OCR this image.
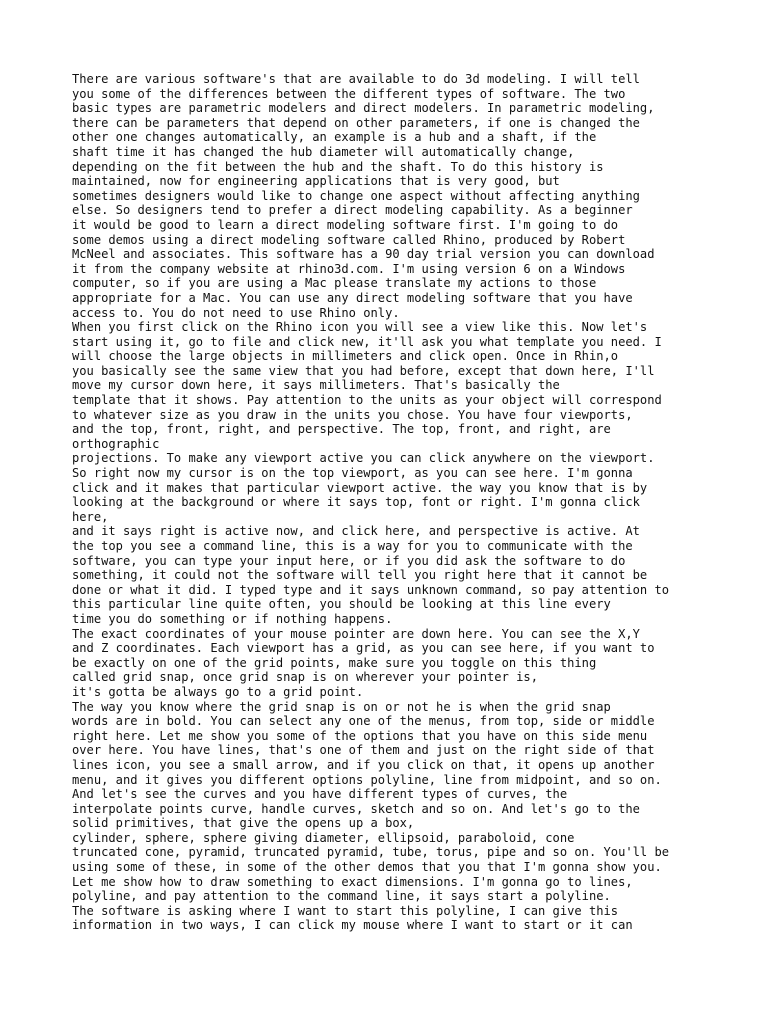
There are various software's that are available to do 3d modeling. I will tell
you some of the differences between the different types of software. The two
basic types are parametric modelers and direct modelers. In parametric modeling,
there can be parameters that depend on other parameters, if one is changed the
other one changes automatically, an example is a hub and a shaft, if the
shaft time it has changed the hub diameter will automatically change,
depending on the fit between the hub and the shaft. To do this history is
maintained, now for engineering applications that is very good, but
sometimes designers would like to change one aspect without affecting anything
else. So designers tend to prefer a direct modeling capability. As a beginner
it would be good to learn a direct modeling software first. I'm going to do
some demos using a direct modeling software called Rhino, produced by Robert
McNeel and associates. This software has a 90 day trial version you can download
it from the company website at rhino3d.com. I'm using version 6 on a Windows
computer, so if you are using a Mac please translate my actions to those
appropriate for a Mac. You can use any direct modeling software that you have
access to. You do not need to use Rhino only.
When you first click on the Rhino icon you will see a view like this. Now let's
start using it, go to file and click new, it'll ask you what template you need. I
will choose the large objects in millimeters and click open. Once in Rhin,o
you basically see the same view that you had before, except that down here, I'll
move my cursor down here, it says millimeters. That's basically the
template that it shows. Pay attention to the units as your object will correspond
to whatever size as you draw in the units you chose. You have four viewports,
and the top, front, right, and perspective. The top, front, and right, are
orthographic
projections. To make any viewport active you can click anywhere on the viewport.
So right now my cursor is on the top viewport, as you can see here. I'm gonna
click and it makes that particular viewport active. the way you know that is by
looking at the background or where it says top, font or right. I'm gonna click
here,
and it says right is active now, and click here, and perspective is active. At
the top you see a command line, this is a way for you to communicate with the
software, you can type your input here, or if you did ask the software to do
something, it could not the software will tell you right here that it cannot be
done or what it did. I typed type and it says unknown command, so pay attention to
this particular line quite often, you should be looking at this line every
time you do something or if nothing happens.
The exact coordinates of your mouse pointer are down here. You can see the X,Y
and Z coordinates. Each viewport has a grid, as you can see here, if you want to
be exactly on one of the grid points, make sure you toggle on this thing
called grid snap, once grid snap is on wherever your pointer is,
it's gotta be always go to a grid point.
The way you know where the grid snap is on or not he is when the grid snap
words are in bold. You can select any one of the menus, from top, side or middle
right here. Let me show you some of the options that you have on this side menu
over here. You have lines, that's one of them and just on the right side of that
lines icon, you see a small arrow, and if you click on that, it opens up another
menu, and it gives you different options polyline, line from midpoint, and so on.
And let's see the curves and you have different types of curves, the
interpolate points curve, handle curves, sketch and so on. And let's go to the
solid primitives, that give the opens up a box,
cylinder, sphere, sphere giving diameter, ellipsoid, paraboloid, cone
truncated cone, pyramid, truncated pyramid, tube, torus, pipe and so on. You'll be
using some of these, in some of the other demos that you that I'm gonna show you.
Let me show how to draw something to exact dimensions. I'm gonna go to lines,
polyline, and pay attention to the command line, it says start a polyline.
The software is asking where I want to start this polyline, I can give this
information in two ways, I can click my mouse where I want to start or it can
